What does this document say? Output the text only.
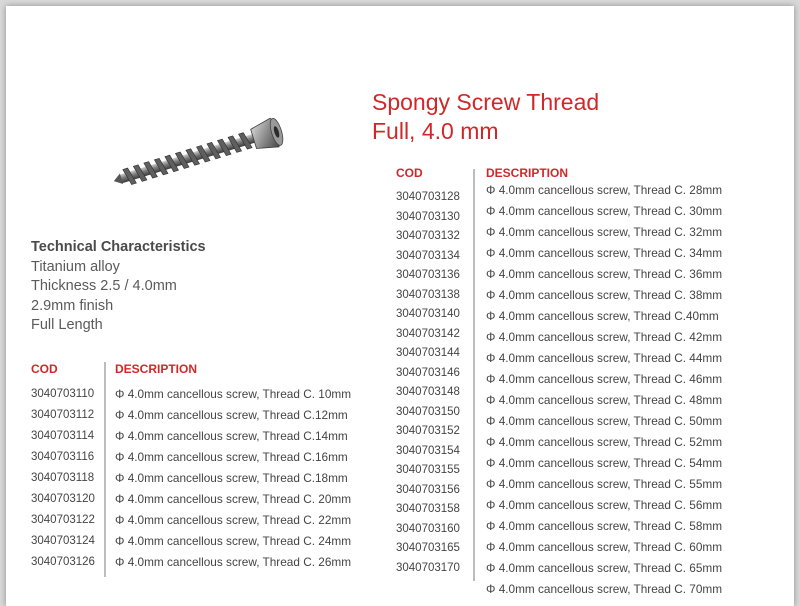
Spongy Screw Thread
Full, 4.0 mm
Technical Characteristics
Titanium alloy
Thickness 2.5 / 4.0mm
2.9mm finish
Full Length
COD	DESCRIPTION
3040703110
3040703112
3040703114
3040703116
3040703118
3040703120
3040703122
3040703124
3040703126
Φ 4.0mm cancellous screw, Thread C. 10mm
Φ 4.0mm cancellous screw, Thread C.12mm
Φ 4.0mm cancellous screw, Thread C.14mm
Φ 4.0mm cancellous screw, Thread C.16mm
Φ 4.0mm cancellous screw, Thread C.18mm
Φ 4.0mm cancellous screw, Thread C. 20mm
Φ 4.0mm cancellous screw, Thread C. 22mm
Φ 4.0mm cancellous screw, Thread C. 24mm
Φ 4.0mm cancellous screw, Thread C. 26mm
COD	DESCRIPTION
3040703128
3040703130
3040703132
3040703134
3040703136
3040703138
3040703140
3040703142
3040703144
3040703146
3040703148
3040703150
3040703152
3040703154
3040703155
3040703156
3040703158
3040703160
3040703165
3040703170
Φ 4.0mm cancellous screw, Thread C. 28mm
Φ 4.0mm cancellous screw, Thread C. 30mm
Φ 4.0mm cancellous screw, Thread C. 32mm
Φ 4.0mm cancellous screw, Thread C. 34mm
Φ 4.0mm cancellous screw, Thread C. 36mm
Φ 4.0mm cancellous screw, Thread C. 38mm
Φ 4.0mm cancellous screw, Thread C.40mm
Φ 4.0mm cancellous screw, Thread C. 42mm
Φ 4.0mm cancellous screw, Thread C. 44mm
Φ 4.0mm cancellous screw, Thread C. 46mm
Φ 4.0mm cancellous screw, Thread C. 48mm
Φ 4.0mm cancellous screw, Thread C. 50mm
Φ 4.0mm cancellous screw, Thread C. 52mm
Φ 4.0mm cancellous screw, Thread C. 54mm
Φ 4.0mm cancellous screw, Thread C. 55mm
Φ 4.0mm cancellous screw, Thread C. 56mm
Φ 4.0mm cancellous screw, Thread C. 58mm
Φ 4.0mm cancellous screw, Thread C. 60mm
Φ 4.0mm cancellous screw, Thread C. 65mm
Φ 4.0mm cancellous screw, Thread C. 70mm
